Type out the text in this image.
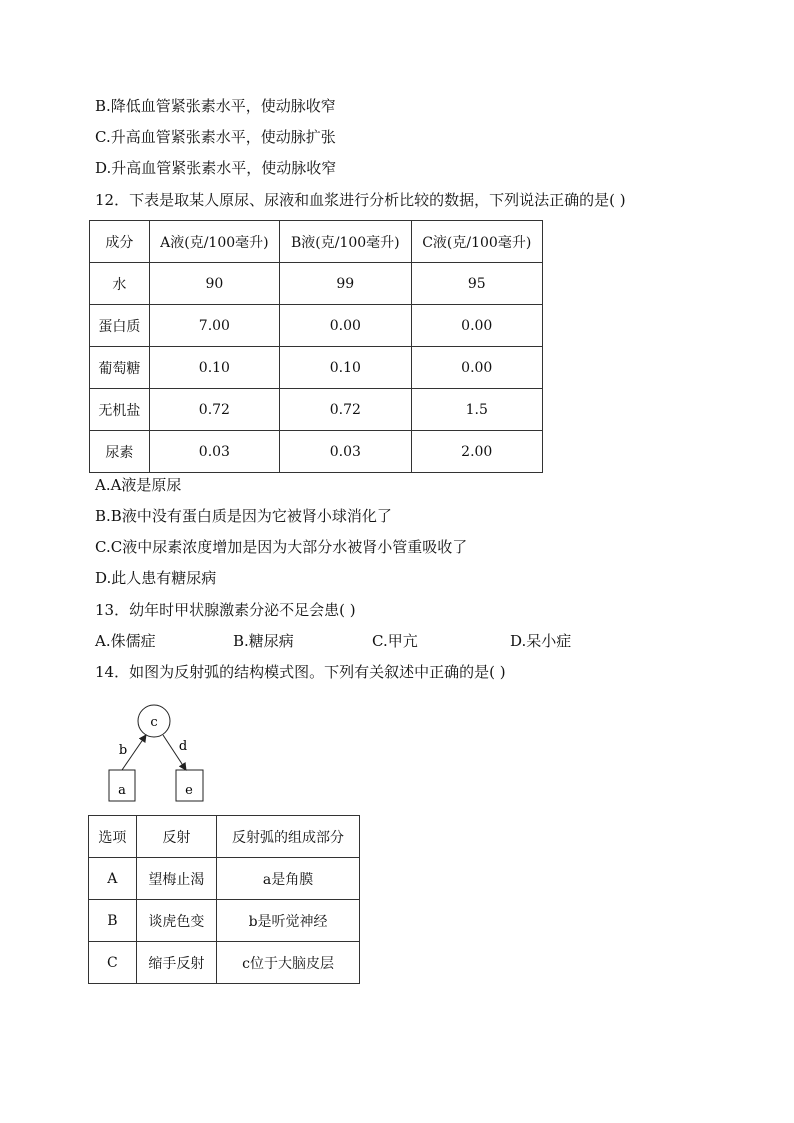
B.降低血管紧张素水平，使动脉收窄
C.升高血管紧张素水平，使动脉扩张
D.升高血管紧张素水平，使动脉收窄
12．下表是取某人原尿、尿液和血浆进行分析比较的数据，下列说法正确的是( )
成分	A液(克/100毫升)	B液(克/100毫升)	C液(克/100毫升)
水	90	99	95
蛋白质	7.00	0.00	0.00
葡萄糖	0.10	0.10	0.00
无机盐	0.72	0.72	1.5
尿素	0.03	0.03	2.00
A.A液是原尿
B.B液中没有蛋白质是因为它被肾小球消化了
C.C液中尿素浓度增加是因为大部分水被肾小管重吸收了
D.此人患有糖尿病
13．幼年时甲状腺激素分泌不足会患( )
A.侏儒症	B.糖尿病	C.甲亢	D.呆小症
14．如图为反射弧的结构模式图。下列有关叙述中正确的是( )
c
a	e
b	d
选项	反射	反射弧的组成部分
A	望梅止渴	a是角膜
B	谈虎色变	b是听觉神经
C	缩手反射	c位于大脑皮层
